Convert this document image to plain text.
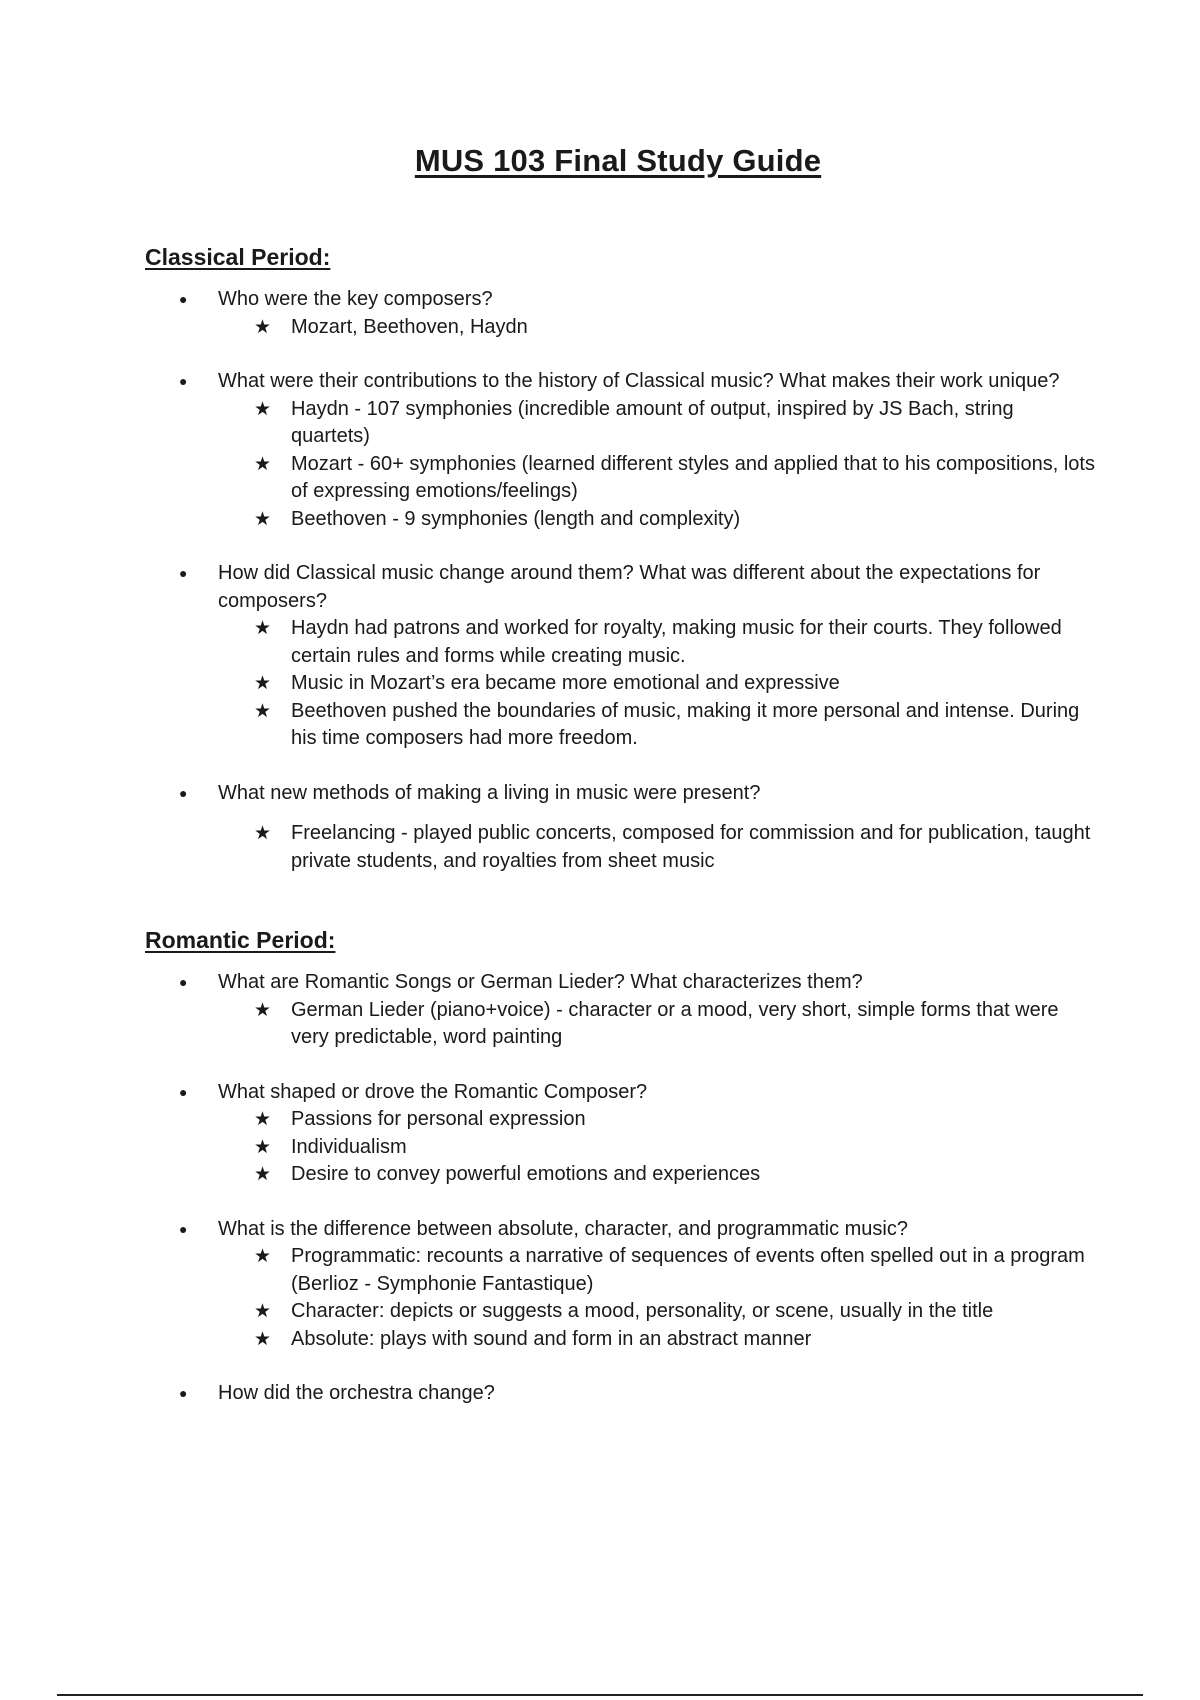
MUS 103 Final Study Guide
Classical Period:
● Who were the key composers?
★ Mozart, Beethoven, Haydn
● What were their contributions to the history of Classical music? What makes their work unique?
★ Haydn - 107 symphonies (incredible amount of output, inspired by JS Bach, string quartets)
★ Mozart - 60+ symphonies (learned different styles and applied that to his compositions, lots of expressing emotions/feelings)
★ Beethoven - 9 symphonies (length and complexity)
● How did Classical music change around them? What was different about the expectations for composers?
★ Haydn had patrons and worked for royalty, making music for their courts. They followed certain rules and forms while creating music.
★ Music in Mozart’s era became more emotional and expressive
★ Beethoven pushed the boundaries of music, making it more personal and intense. During his time composers had more freedom.
● What new methods of making a living in music were present?
★ Freelancing - played public concerts, composed for commission and for publication, taught private students, and royalties from sheet music
Romantic Period:
● What are Romantic Songs or German Lieder? What characterizes them?
★ German Lieder (piano+voice) - character or a mood, very short, simple forms that were very predictable, word painting
● What shaped or drove the Romantic Composer?
★ Passions for personal expression
★ Individualism
★ Desire to convey powerful emotions and experiences
● What is the difference between absolute, character, and programmatic music?
★ Programmatic: recounts a narrative of sequences of events often spelled out in a program (Berlioz - Symphonie Fantastique)
★ Character: depicts or suggests a mood, personality, or scene, usually in the title
★ Absolute: plays with sound and form in an abstract manner
● How did the orchestra change?
